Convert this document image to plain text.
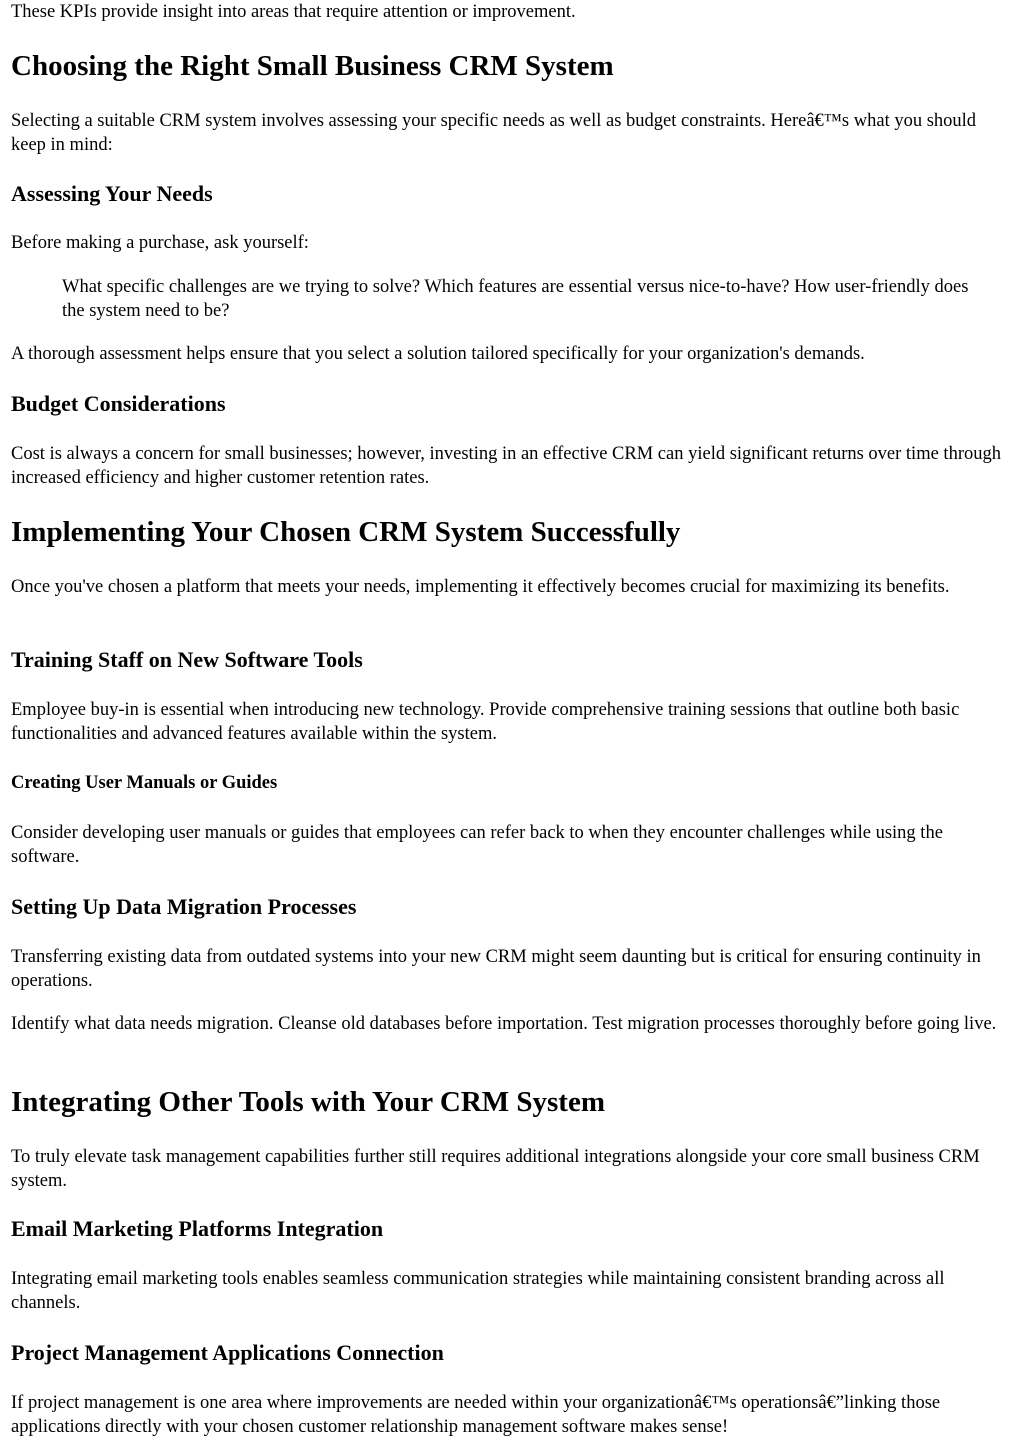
These KPIs provide insight into areas that require attention or improvement.

Choosing the Right Small Business CRM System

Selecting a suitable CRM system involves assessing your specific needs as well as budget constraints. Hereâ€™s what you should keep in mind:

Assessing Your Needs

Before making a purchase, ask yourself:

What specific challenges are we trying to solve? Which features are essential versus nice-to-have? How user-friendly does the system need to be?

A thorough assessment helps ensure that you select a solution tailored specifically for your organization's demands.

Budget Considerations

Cost is always a concern for small businesses; however, investing in an effective CRM can yield significant returns over time through increased efficiency and higher customer retention rates.

Implementing Your Chosen CRM System Successfully

Once you've chosen a platform that meets your needs, implementing it effectively becomes crucial for maximizing its benefits.

Training Staff on New Software Tools

Employee buy-in is essential when introducing new technology. Provide comprehensive training sessions that outline both basic functionalities and advanced features available within the system.

Creating User Manuals or Guides

Consider developing user manuals or guides that employees can refer back to when they encounter challenges while using the software.

Setting Up Data Migration Processes

Transferring existing data from outdated systems into your new CRM might seem daunting but is critical for ensuring continuity in operations.

Identify what data needs migration. Cleanse old databases before importation. Test migration processes thoroughly before going live.

Integrating Other Tools with Your CRM System

To truly elevate task management capabilities further still requires additional integrations alongside your core small business CRM system.

Email Marketing Platforms Integration

Integrating email marketing tools enables seamless communication strategies while maintaining consistent branding across all channels.

Project Management Applications Connection

If project management is one area where improvements are needed within your organizationâ€™s operationsâ€”linking those applications directly with your chosen customer relationship management software makes sense!
